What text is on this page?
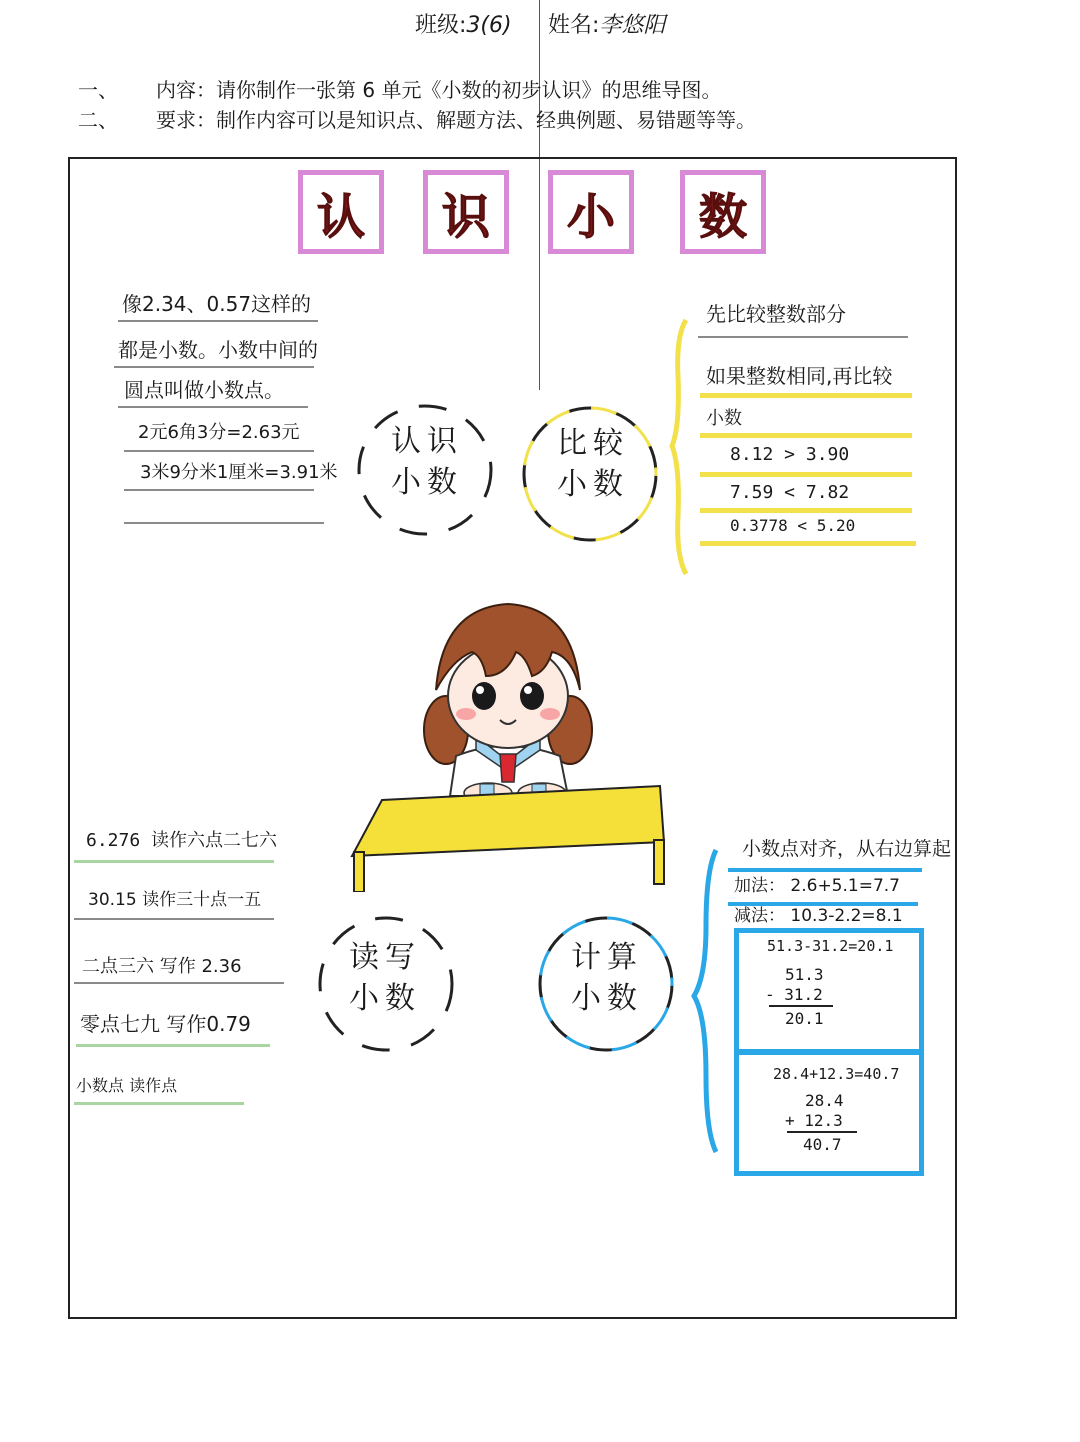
班级:3(6) 姓名:李悠阳
一、 内容：请你制作一张第 6 单元《小数的初步认识》的思维导图。
二、 要求：制作内容可以是知识点、解题方法、经典例题、易错题等等。
认 识 小 数
像2.34、0.57这样的
都是小数。小数中间的
圆点叫做小数点。
2元6角3分=2.63元
3米9分米1厘米=3.91米
认识
小数
比较
小数
先比较整数部分
如果整数相同,再比较
小数
8.12 > 3.90
7.59 < 7.82
0.3778 < 5.20
6.276 读作六点二七六
30.15 读作三十点一五
二点三六 写作 2.36
零点七九 写作0.79
小数点 读作点
读写
小数
计算
小数
小数点对齐，从右边算起
加法： 2.6+5.1=7.7
减法： 10.3-2.2=8.1
51.3-31.2=20.1
51.3
- 31.2
20.1
28.4+12.3=40.7
28.4
+ 12.3
40.7
